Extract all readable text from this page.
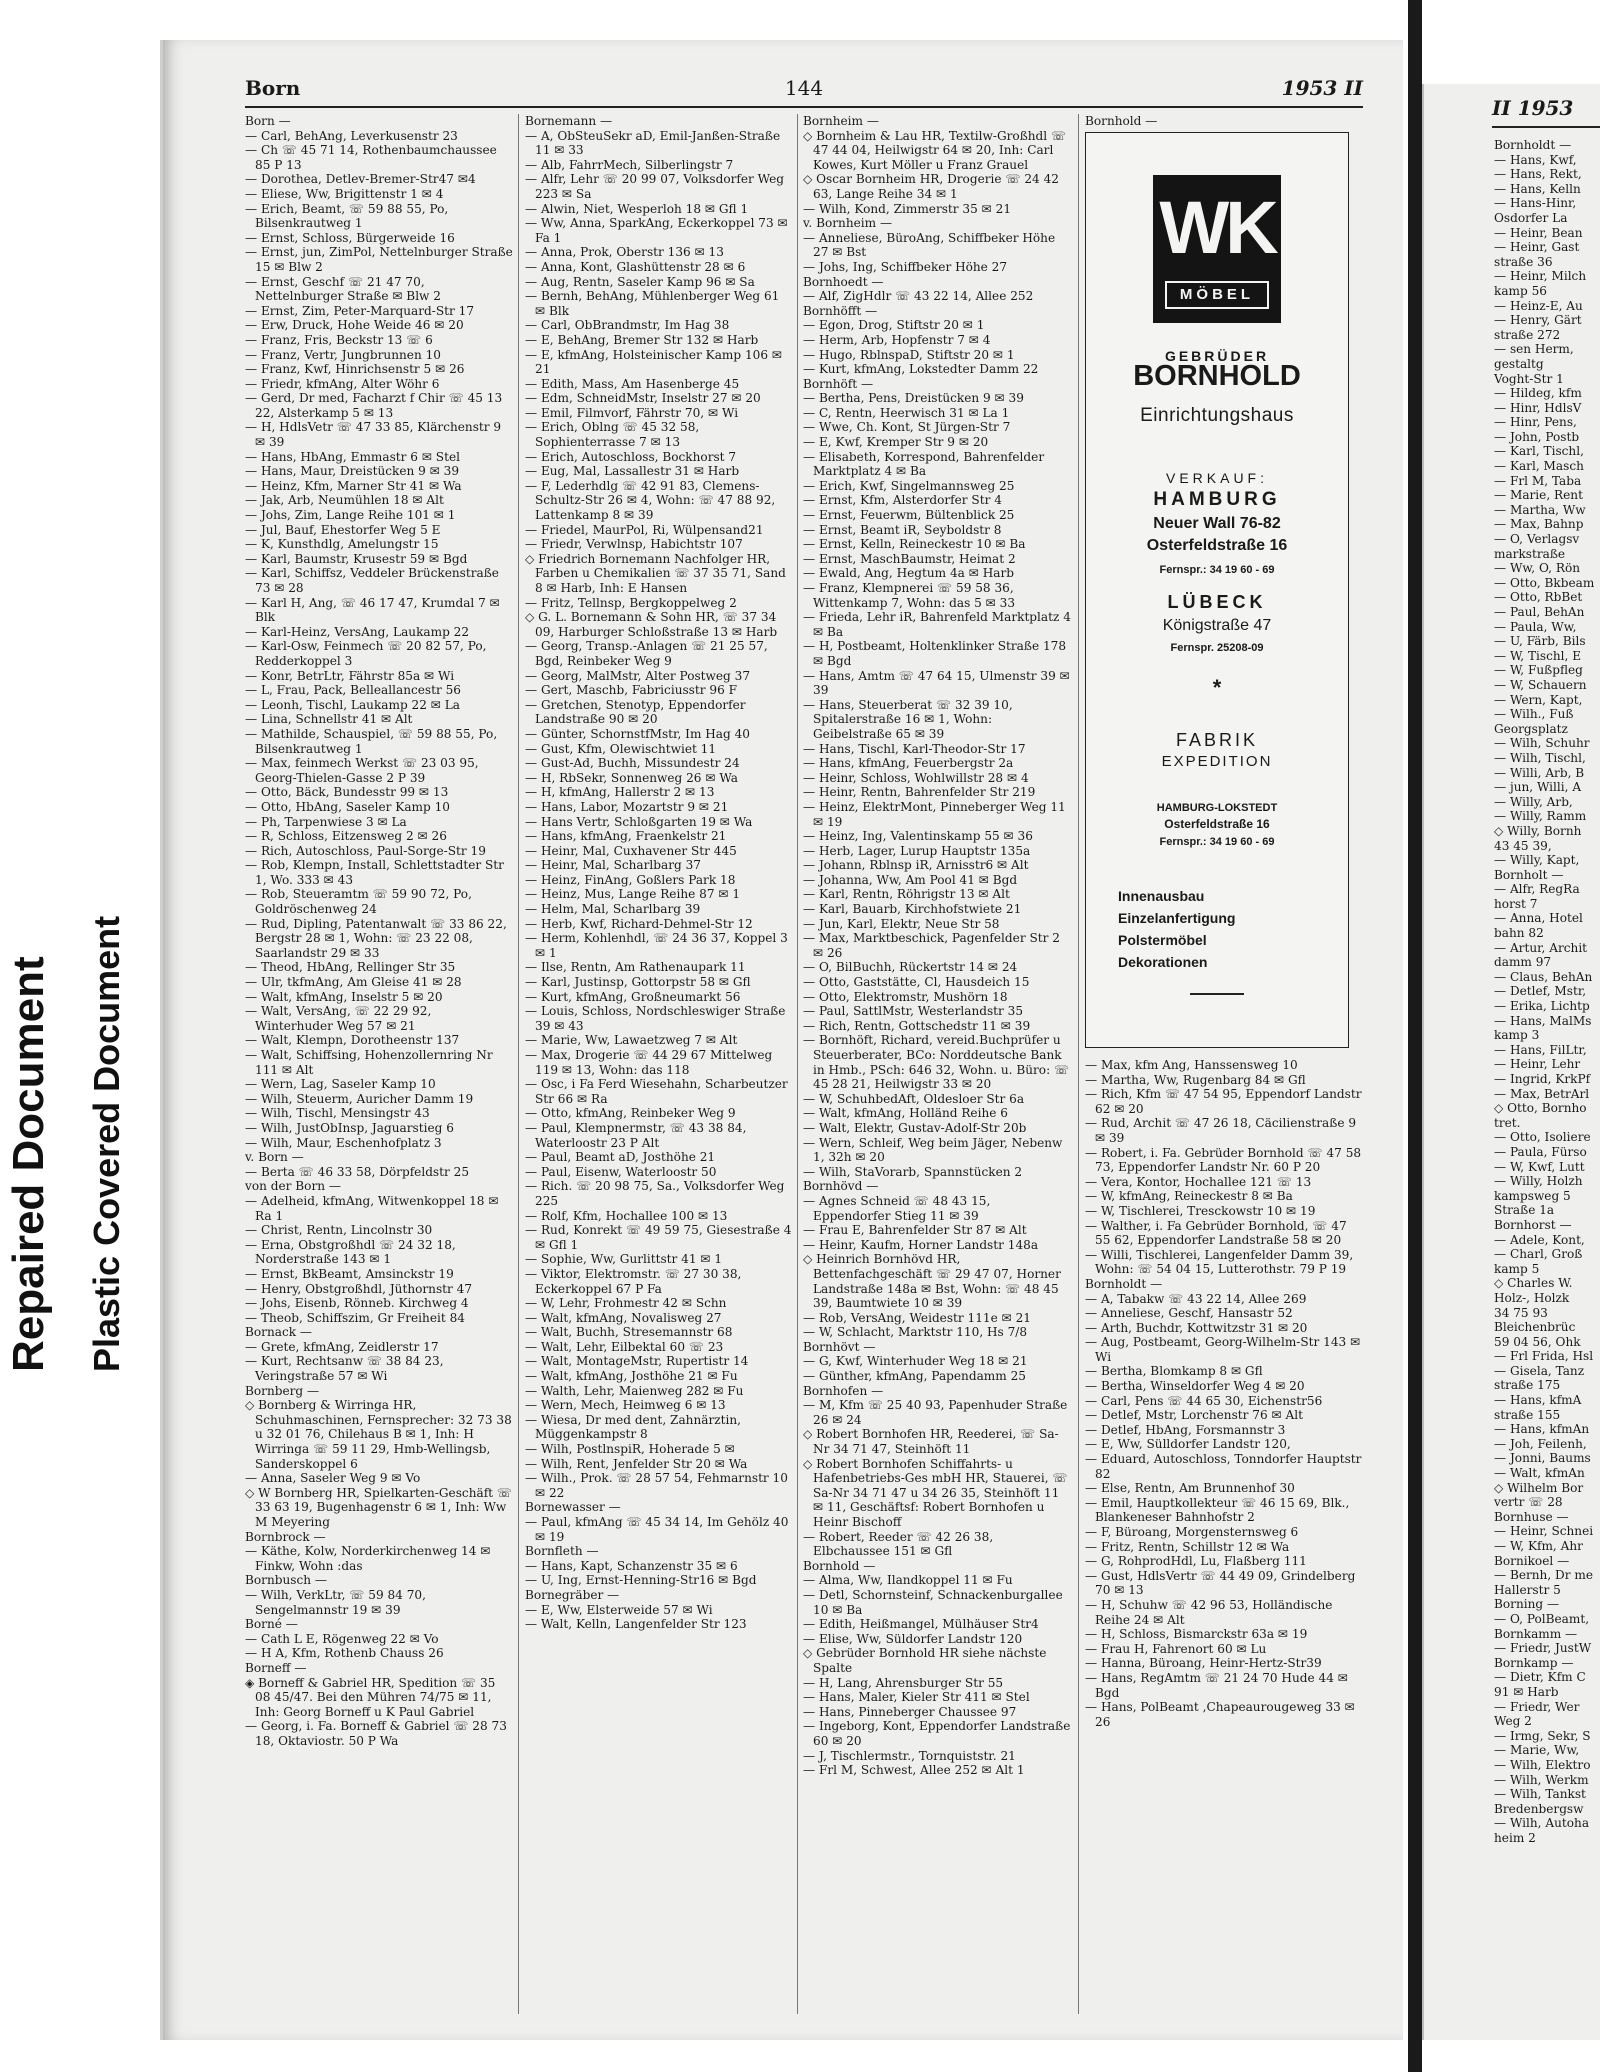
Repaired Document Plastic Covered Document
Born	144	1953 II
Born —
— Carl, BehAng, Leverkusenstr 23
— Ch ☏ 45 71 14, Rothenbaumchaussee 85 P 13
— Dorothea, Detlev-Bremer-Str47 ✉4
— Eliese, Ww, Brigittenstr 1 ✉ 4
— Erich, Beamt, ☏ 59 88 55, Po, Bilsenkrautweg 1
— Ernst, Schloss, Bürgerweide 16
— Ernst, jun, ZimPol, Nettelnburger Straße 15 ✉ Blw 2
— Ernst, Geschf ☏ 21 47 70, Nettelnburger Straße ✉ Blw 2
— Ernst, Zim, Peter-Marquard-Str 17
— Erw, Druck, Hohe Weide 46 ✉ 20
— Franz, Fris, Beckstr 13 ☏ 6
— Franz, Vertr, Jungbrunnen 10
— Franz, Kwf, Hinrichsenstr 5 ✉ 26
— Friedr, kfmAng, Alter Wöhr 6
— Gerd, Dr med, Facharzt f Chir ☏ 45 13 22, Alsterkamp 5 ✉ 13
— H, HdlsVetr ☏ 47 33 85, Klärchenstr 9 ✉ 39
— Hans, HbAng, Emmastr 6 ✉ Stel
— Hans, Maur, Dreistücken 9 ✉ 39
— Heinz, Kfm, Marner Str 41 ✉ Wa
— Jak, Arb, Neumühlen 18 ✉ Alt
— Johs, Zim, Lange Reihe 101 ✉ 1
— Jul, Bauf, Ehestorfer Weg 5 E
— K, Kunsthdlg, Amelungstr 15
— Karl, Baumstr, Krusestr 59 ✉ Bgd
— Karl, Schiffsz, Veddeler Brückenstraße 73 ✉ 28
— Karl H, Ang, ☏ 46 17 47, Krumdal 7 ✉ Blk
— Karl-Heinz, VersAng, Laukamp 22
— Karl-Osw, Feinmech ☏ 20 82 57, Po, Redderkoppel 3
— Konr, BetrLtr, Fährstr 85a ✉ Wi
— L, Frau, Pack, Belleallancestr 56
— Leonh, Tischl, Laukamp 22 ✉ La
— Lina, Schnellstr 41 ✉ Alt
— Mathilde, Schauspiel, ☏ 59 88 55, Po, Bilsenkrautweg 1
— Max, feinmech Werkst ☏ 23 03 95, Georg-Thielen-Gasse 2 P 39
— Otto, Bäck, Bundesstr 99 ✉ 13
— Otto, HbAng, Saseler Kamp 10
— Ph, Tarpenwiese 3 ✉ La
— R, Schloss, Eitzensweg 2 ✉ 26
— Rich, Autoschloss, Paul-Sorge-Str 19
— Rob, Klempn, Install, Schlettstadter Str 1, Wo. 333 ✉ 43
— Rob, Steueramtm ☏ 59 90 72, Po, Goldröschenweg 24
— Rud, Dipling, Patentanwalt ☏ 33 86 22, Bergstr 28 ✉ 1, Wohn: ☏ 23 22 08, Saarlandstr 29 ✉ 33
— Theod, HbAng, Rellinger Str 35
— Ulr, tkfmAng, Am Gleise 41 ✉ 28
— Walt, kfmAng, Inselstr 5 ✉ 20
— Walt, VersAng, ☏ 22 29 92, Winterhuder Weg 57 ✉ 21
— Walt, Klempn, Dorotheenstr 137
— Walt, Schiffsing, Hohenzollernring Nr 111 ✉ Alt
— Wern, Lag, Saseler Kamp 10
— Wilh, Steuerm, Auricher Damm 19
— Wilh, Tischl, Mensingstr 43
— Wilh, JustObInsp, Jaguarstieg 6
— Wilh, Maur, Eschenhofplatz 3
v. Born —
— Berta ☏ 46 33 58, Dörpfeldstr 25
von der Born —
— Adelheid, kfmAng, Witwenkoppel 18 ✉ Ra 1
— Christ, Rentn, Lincolnstr 30
— Erna, Obstgroßhdl ☏ 24 32 18, Norderstraße 143 ✉ 1
— Ernst, BkBeamt, Amsinckstr 19
— Henry, Obstgroßhdl, Jüthornstr 47
— Johs, Eisenb, Rönneb. Kirchweg 4
— Theob, Schiffszim, Gr Freiheit 84
Bornack —
— Grete, kfmAng, Zeidlerstr 17
— Kurt, Rechtsanw ☏ 38 84 23, Veringstraße 57 ✉ Wi
Bornberg —
◇ Bornberg & Wirringa HR, Schuhmaschinen, Fernsprecher: 32 73 38 u 32 01 76, Chilehaus B ✉ 1, Inh: H Wirringa ☏ 59 11 29, Hmb-Wellingsb, Sanderskoppel 6
— Anna, Saseler Weg 9 ✉ Vo
◇ W Bornberg HR, Spielkarten-Geschäft ☏ 33 63 19, Bugenhagenstr 6 ✉ 1, Inh: Ww M Meyering
Bornbrock —
— Käthe, Kolw, Norderkirchenweg 14 ✉ Finkw, Wohn :das
Bornbusch —
— Wilh, VerkLtr, ☏ 59 84 70, Sengelmannstr 19 ✉ 39
Borné —
— Cath L E, Rögenweg 22 ✉ Vo
— H A, Kfm, Rothenb Chauss 26
Borneff —
◈ Borneff & Gabriel HR, Spedition ☏ 35 08 45/47. Bei den Mühren 74/75 ✉ 11, Inh: Georg Borneff u K Paul Gabriel
— Georg, i. Fa. Borneff & Gabriel ☏ 28 73 18, Oktaviostr. 50 P Wa
Bornemann —
— A, ObSteuSekr aD, Emil-Janßen-Straße 11 ✉ 33
— Alb, FahrrMech, Silberlingstr 7
— Alfr, Lehr ☏ 20 99 07, Volksdorfer Weg 223 ✉ Sa
— Alwin, Niet, Wesperloh 18 ✉ Gfl 1
— Ww, Anna, SparkAng, Eckerkoppel 73 ✉ Fa 1
— Anna, Prok, Oberstr 136 ✉ 13
— Anna, Kont, Glashüttenstr 28 ✉ 6
— Aug, Rentn, Saseler Kamp 96 ✉ Sa
— Bernh, BehAng, Mühlenberger Weg 61 ✉ Blk
— Carl, ObBrandmstr, Im Hag 38
— E, BehAng, Bremer Str 132 ✉ Harb
— E, kfmAng, Holsteinischer Kamp 106 ✉ 21
— Edith, Mass, Am Hasenberge 45
— Edm, SchneidMstr, Inselstr 27 ✉ 20
— Emil, Filmvorf, Fährstr 70, ✉ Wi
— Erich, Oblng ☏ 45 32 58, Sophienterrasse 7 ✉ 13
— Erich, Autoschloss, Bockhorst 7
— Eug, Mal, Lassallestr 31 ✉ Harb
— F, Lederhdlg ☏ 42 91 83, Clemens-Schultz-Str 26 ✉ 4, Wohn: ☏ 47 88 92, Lattenkamp 8 ✉ 39
— Friedel, MaurPol, Ri, Wülpensand21
— Friedr, Verwlnsp, Habichtstr 107
◇ Friedrich Bornemann Nachfolger HR, Farben u Chemikalien ☏ 37 35 71, Sand 8 ✉ Harb, Inh: E Hansen
— Fritz, Tellnsp, Bergkoppelweg 2
◇ G. L. Bornemann & Sohn HR, ☏ 37 34 09, Harburger Schloßstraße 13 ✉ Harb
— Georg, Transp.-Anlagen ☏ 21 25 57, Bgd, Reinbeker Weg 9
— Georg, MalMstr, Alter Postweg 37
— Gert, Maschb, Fabriciusstr 96 F
— Gretchen, Stenotyp, Eppendorfer Landstraße 90 ✉ 20
— Günter, SchornstfMstr, Im Hag 40
— Gust, Kfm, Olewischtwiet 11
— Gust-Ad, Buchh, Missundestr 24
— H, RbSekr, Sonnenweg 26 ✉ Wa
— H, kfmAng, Hallerstr 2 ✉ 13
— Hans, Labor, Mozartstr 9 ✉ 21
— Hans Vertr, Schloßgarten 19 ✉ Wa
— Hans, kfmAng, Fraenkelstr 21
— Heinr, Mal, Cuxhavener Str 445
— Heinr, Mal, Scharlbarg 37
— Heinz, FinAng, Goßlers Park 18
— Heinz, Mus, Lange Reihe 87 ✉ 1
— Helm, Mal, Scharlbarg 39
— Herb, Kwf, Richard-Dehmel-Str 12
— Herm, Kohlenhdl, ☏ 24 36 37, Koppel 3 ✉ 1
— Ilse, Rentn, Am Rathenaupark 11
— Karl, Justinsp, Gottorpstr 58 ✉ Gfl
— Kurt, kfmAng, Großneumarkt 56
— Louis, Schloss, Nordschleswiger Straße 39 ✉ 43
— Marie, Ww, Lawaetzweg 7 ✉ Alt
— Max, Drogerie ☏ 44 29 67 Mittelweg 119 ✉ 13, Wohn: das 118
— Osc, i Fa Ferd Wiesehahn, Scharbeutzer Str 66 ✉ Ra
— Otto, kfmAng, Reinbeker Weg 9
— Paul, Klempnermstr, ☏ 43 38 84, Waterloostr 23 P Alt
— Paul, Beamt aD, Josthöhe 21
— Paul, Eisenw, Waterloostr 50
— Rich. ☏ 20 98 75, Sa., Volksdorfer Weg 225
— Rolf, Kfm, Hochallee 100 ✉ 13
— Rud, Konrekt ☏ 49 59 75, Giesestraße 4 ✉ Gfl 1
— Sophie, Ww, Gurlittstr 41 ✉ 1
— Viktor, Elektromstr. ☏ 27 30 38, Eckerkoppel 67 P Fa
— W, Lehr, Frohmestr 42 ✉ Schn
— Walt, kfmAng, Novalisweg 27
— Walt, Buchh, Stresemannstr 68
— Walt, Lehr, Eilbektal 60 ☏ 23
— Walt, MontageMstr, Rupertistr 14
— Walt, kfmAng, Josthöhe 21 ✉ Fu
— Walth, Lehr, Maienweg 282 ✉ Fu
— Wern, Mech, Heimweg 6 ✉ 13
— Wiesa, Dr med dent, Zahnärztin, Müggenkampstr 8
— Wilh, PostlnspiR, Hoherade 5 ✉
— Wilh, Rent, Jenfelder Str 20 ✉ Wa
— Wilh., Prok. ☏ 28 57 54, Fehmarnstr 10 ✉ 22
Bornewasser —
— Paul, kfmAng ☏ 45 34 14, Im Gehölz 40 ✉ 19
Bornfleth —
— Hans, Kapt, Schanzenstr 35 ✉ 6
— U, Ing, Ernst-Henning-Str16 ✉ Bgd
Bornegräber —
— E, Ww, Elsterweide 57 ✉ Wi
— Walt, Kelln, Langenfelder Str 123
Bornheim —
◇ Bornheim & Lau HR, Textilw-Großhdl ☏ 47 44 04, Heilwigstr 64 ✉ 20, Inh: Carl Kowes, Kurt Möller u Franz Grauel
◇ Oscar Bornheim HR, Drogerie ☏ 24 42 63, Lange Reihe 34 ✉ 1
— Wilh, Kond, Zimmerstr 35 ✉ 21
v. Bornheim —
— Anneliese, BüroAng, Schiffbeker Höhe 27 ✉ Bst
— Johs, Ing, Schiffbeker Höhe 27
Bornhoedt —
— Alf, ZigHdlr ☏ 43 22 14, Allee 252
Bornhöfft —
— Egon, Drog, Stiftstr 20 ✉ 1
— Herm, Arb, Hopfenstr 7 ✉ 4
— Hugo, RblnspaD, Stiftstr 20 ✉ 1
— Kurt, kfmAng, Lokstedter Damm 22
Bornhöft —
— Bertha, Pens, Dreistücken 9 ✉ 39
— C, Rentn, Heerwisch 31 ✉ La 1
— Wwe, Ch. Kont, St Jürgen-Str 7
— E, Kwf, Kremper Str 9 ✉ 20
— Elisabeth, Korrespond, Bahrenfelder Marktplatz 4 ✉ Ba
— Erich, Kwf, Singelmannsweg 25
— Ernst, Kfm, Alsterdorfer Str 4
— Ernst, Feuerwm, Bültenblick 25
— Ernst, Beamt iR, Seyboldstr 8
— Ernst, Kelln, Reineckestr 10 ✉ Ba
— Ernst, MaschBaumstr, Heimat 2
— Ewald, Ang, Hegtum 4a ✉ Harb
— Franz, Klempnerei ☏ 59 58 36, Wittenkamp 7, Wohn: das 5 ✉ 33
— Frieda, Lehr iR, Bahrenfeld Marktplatz 4 ✉ Ba
— H, Postbeamt, Holtenklinker Straße 178 ✉ Bgd
— Hans, Amtm ☏ 47 64 15, Ulmenstr 39 ✉ 39
— Hans, Steuerberat ☏ 32 39 10, Spitalerstraße 16 ✉ 1, Wohn: Geibelstraße 65 ✉ 39
— Hans, Tischl, Karl-Theodor-Str 17
— Hans, kfmAng, Feuerbergstr 2a
— Heinr, Schloss, Wohlwillstr 28 ✉ 4
— Heinr, Rentn, Bahrenfelder Str 219
— Heinz, ElektrMont, Pinneberger Weg 11 ✉ 19
— Heinz, Ing, Valentinskamp 55 ✉ 36
— Herb, Lager, Lurup Hauptstr 135a
— Johann, Rblnsp iR, Arnisstr6 ✉ Alt
— Johanna, Ww, Am Pool 41 ✉ Bgd
— Karl, Rentn, Röhrigstr 13 ✉ Alt
— Karl, Bauarb, Kirchhofstwiete 21
— Jun, Karl, Elektr, Neue Str 58
— Max, Marktbeschick, Pagenfelder Str 2 ✉ 26
— O, BilBuchh, Rückertstr 14 ✉ 24
— Otto, Gaststätte, Cl, Hausdeich 15
— Otto, Elektromstr, Mushörn 18
— Paul, SattlMstr, Westerlandstr 35
— Rich, Rentn, Gottschedstr 11 ✉ 39
— Bornhöft, Richard, vereid.Buchprüfer u Steuerberater, BCo: Norddeutsche Bank in Hmb., PSch: 646 32, Wohn. u. Büro: ☏ 45 28 21, Heilwigstr 33 ✉ 20
— W, SchuhbedAft, Oldesloer Str 6a
— Walt, kfmAng, Holländ Reihe 6
— Walt, Elektr, Gustav-Adolf-Str 20b
— Wern, Schleif, Weg beim Jäger, Nebenw 1, 32h ✉ 20
— Wilh, StaVorarb, Spannstücken 2
Bornhövd —
— Agnes Schneid ☏ 48 43 15, Eppendorfer Stieg 11 ✉ 39
— Frau E, Bahrenfelder Str 87 ✉ Alt
— Heinr, Kaufm, Horner Landstr 148a
◇ Heinrich Bornhövd HR, Bettenfachgeschäft ☏ 29 47 07, Horner Landstraße 148a ✉ Bst, Wohn: ☏ 48 45 39, Baumtwiete 10 ✉ 39
— Rob, VersAng, Weidestr 111e ✉ 21
— W, Schlacht, Marktstr 110, Hs 7/8
Bornhövt —
— G, Kwf, Winterhuder Weg 18 ✉ 21
— Günther, kfmAng, Papendamm 25
Bornhofen —
— M, Kfm ☏ 25 40 93, Papenhuder Straße 26 ✉ 24
◇ Robert Bornhofen HR, Reederei, ☏ Sa-Nr 34 71 47, Steinhöft 11
◇ Robert Bornhofen Schiffahrts- u Hafenbetriebs-Ges mbH HR, Stauerei, ☏ Sa-Nr 34 71 47 u 34 26 35, Steinhöft 11 ✉ 11, Geschäftsf: Robert Bornhofen u Heinr Bischoff
— Robert, Reeder ☏ 42 26 38, Elbchaussee 151 ✉ Gfl
Bornhold —
— Alma, Ww, Ilandkoppel 11 ✉ Fu
— Detl, Schornsteinf, Schnackenburgallee 10 ✉ Ba
— Edith, Heißmangel, Mülhäuser Str4
— Elise, Ww, Süldorfer Landstr 120
◇ Gebrüder Bornhold HR siehe nächste Spalte
— H, Lang, Ahrensburger Str 55
— Hans, Maler, Kieler Str 411 ✉ Stel
— Hans, Pinneberger Chaussee 97
— Ingeborg, Kont, Eppendorfer Landstraße 60 ✉ 20
— J, Tischlermstr., Tornquiststr. 21
— Frl M, Schwest, Allee 252 ✉ Alt 1
Bornhold —
WK
MÖBEL
GEBRÜDER
BORNHOLD
Einrichtungshaus
VERKAUF:
HAMBURG
Neuer Wall 76-82
Osterfeldstraße 16
Fernspr.: 34 19 60 - 69
LÜBECK
Königstraße 47
Fernspr. 25208-09
*
FABRIK
EXPEDITION
HAMBURG-LOKSTEDT
Osterfeldstraße 16
Fernspr.: 34 19 60 - 69
Innenausbau
Einzelanfertigung
Polstermöbel
Dekorationen
— Max, kfm Ang, Hanssensweg 10
— Martha, Ww, Rugenbarg 84 ✉ Gfl
— Rich, Kfm ☏ 47 54 95, Eppendorf Landstr 62 ✉ 20
— Rud, Archit ☏ 47 26 18, Cäcilienstraße 9 ✉ 39
— Robert, i. Fa. Gebrüder Bornhold ☏ 47 58 73, Eppendorfer Landstr Nr. 60 P 20
— Vera, Kontor, Hochallee 121 ☏ 13
— W, kfmAng, Reineckestr 8 ✉ Ba
— W, Tischlerei, Tresckowstr 10 ✉ 19
— Walther, i. Fa Gebrüder Bornhold, ☏ 47 55 62, Eppendorfer Landstraße 58 ✉ 20
— Willi, Tischlerei, Langenfelder Damm 39, Wohn: ☏ 54 04 15, Lutterothstr. 79 P 19
Bornholdt —
— A, Tabakw ☏ 43 22 14, Allee 269
— Anneliese, Geschf, Hansastr 52
— Arth, Buchdr, Kottwitzstr 31 ✉ 20
— Aug, Postbeamt, Georg-Wilhelm-Str 143 ✉ Wi
— Bertha, Blomkamp 8 ✉ Gfl
— Bertha, Winseldorfer Weg 4 ✉ 20
— Carl, Pens ☏ 44 65 30, Eichenstr56
— Detlef, Mstr, Lorchenstr 76 ✉ Alt
— Detlef, HbAng, Forsmannstr 3
— E, Ww, Sülldorfer Landstr 120,
— Eduard, Autoschloss, Tonndorfer Hauptstr 82
— Else, Rentn, Am Brunnenhof 30
— Emil, Hauptkollekteur ☏ 46 15 69, Blk., Blankeneser Bahnhofstr 2
— F, Büroang, Morgensternsweg 6
— Fritz, Rentn, Schillstr 12 ✉ Wa
— G, RohprodHdl, Lu, Flaßberg 111
— Gust, HdlsVertr ☏ 44 49 09, Grindelberg 70 ✉ 13
— H, Schuhw ☏ 42 96 53, Holländische Reihe 24 ✉ Alt
— H, Schloss, Bismarckstr 63a ✉ 19
— Frau H, Fahrenort 60 ✉ Lu
— Hanna, Büroang, Heinr-Hertz-Str39
— Hans, RegAmtm ☏ 21 24 70 Hude 44 ✉ Bgd
— Hans, PolBeamt ,Chapeaurougeweg 33 ✉ 26
II 1953
Bornholdt —
— Hans, Kwf,
— Hans, Rekt,
— Hans, Kelln
— Hans-Hinr,
Osdorfer La
— Heinr, Bean
— Heinr, Gast
straße 36
— Heinr, Milch
kamp 56
— Heinz-E, Au
— Henry, Gärt
straße 272
— sen Herm,
gestaltg
Voght-Str 1
— Hildeg, kfm
— Hinr, HdlsV
— Hinr, Pens,
— John, Postb
— Karl, Tischl,
— Karl, Masch
— Frl M, Taba
— Marie, Rent
— Martha, Ww
— Max, Bahnp
— O, Verlagsv
markstraße
— Ww, O, Rön
— Otto, Bkbeam
— Otto, RbBet
— Paul, BehAn
— Paula, Ww,
— U, Färb, Bils
— W, Tischl, E
— W, Fußpfleg
— W, Schauern
— Wern, Kapt,
— Wilh., Fuß
Georgsplatz
— Wilh, Schuhr
— Wilh, Tischl,
— Willi, Arb, B
— jun, Willi, A
— Willy, Arb,
— Willy, Ramm
◇ Willy, Bornh
43 45 39,
— Willy, Kapt,
Bornholt —
— Alfr, RegRa
horst 7
— Anna, Hotel
bahn 82
— Artur, Archit
damm 97
— Claus, BehAn
— Detlef, Mstr,
— Erika, Lichtp
— Hans, MalMs
kamp 3
— Hans, FilLtr,
— Heinr, Lehr
— Ingrid, KrkPf
— Max, BetrArl
◇ Otto, Bornho
tret.
— Otto, Isoliere
— Paula, Fürso
— W, Kwf, Lutt
— Willy, Holzh
kampsweg 5
Straße 1a
Bornhorst —
— Adele, Kont,
— Charl, Groß
kamp 5
◇ Charles W.
Holz-, Holzk
34 75 93
Bleichenbrüc
59 04 56, Ohk
— Frl Frida, Hsl
— Gisela, Tanz
straße 175
— Hans, kfmA
straße 155
— Hans, kfmAn
— Joh, Feilenh,
— Jonni, Baums
— Walt, kfmAn
◇ Wilhelm Bor
vertr ☏ 28
Bornhuse —
— Heinr, Schnei
— W, Kfm, Ahr
Bornikoel —
— Bernh, Dr me
Hallerstr 5
Borning —
— O, PolBeamt,
Bornkamm —
— Friedr, JustW
Bornkamp —
— Dietr, Kfm C
91 ✉ Harb
— Friedr, Wer
Weg 2
— Irmg, Sekr, S
— Marie, Ww,
— Wilh, Elektro
— Wilh, Werkm
— Wilh, Tankst
Bredenbergsw
— Wilh, Autoha
heim 2
